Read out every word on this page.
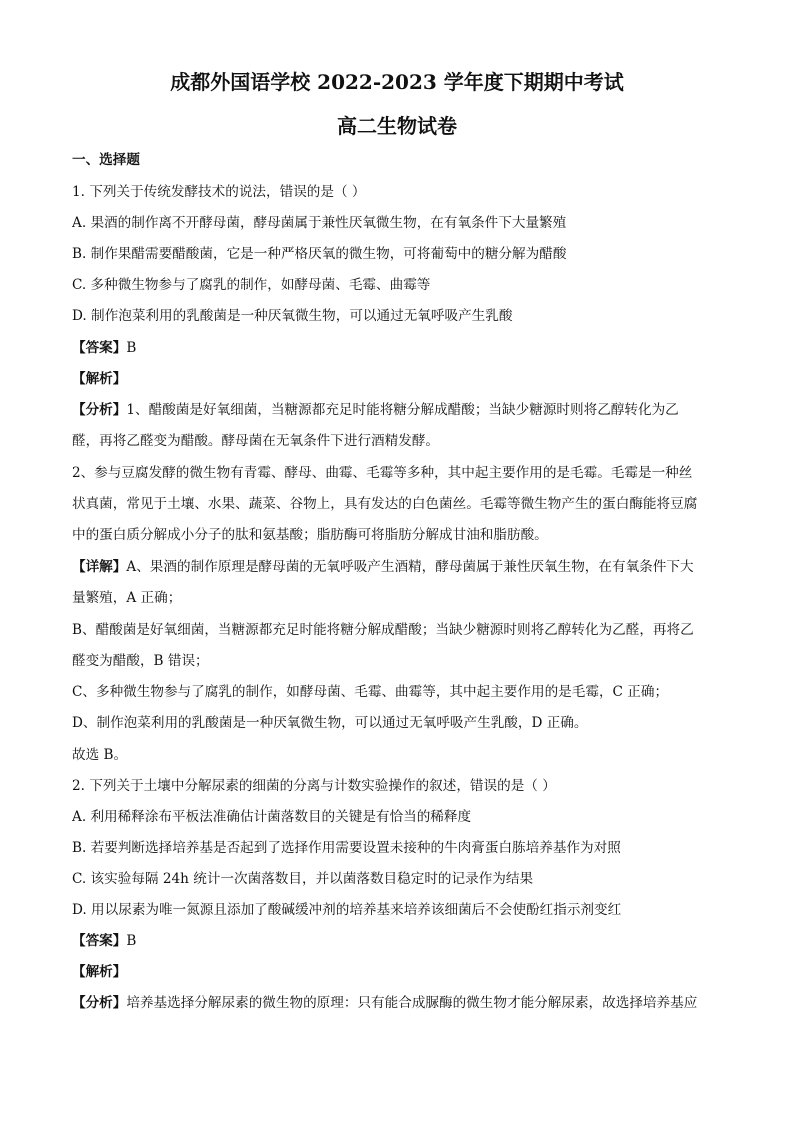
成都外国语学校 2022-2023 学年度下期期中考试
高二生物试卷
一、选择题
1. 下列关于传统发酵技术的说法，错误的是（ ）
A. 果酒的制作离不开酵母菌，酵母菌属于兼性厌氧微生物，在有氧条件下大量繁殖
B. 制作果醋需要醋酸菌，它是一种严格厌氧的微生物，可将葡萄中的糖分解为醋酸
C. 多种微生物参与了腐乳的制作，如酵母菌、毛霉、曲霉等
D. 制作泡菜利用的乳酸菌是一种厌氧微生物，可以通过无氧呼吸产生乳酸
【答案】B
【解析】
【分析】1、醋酸菌是好氧细菌，当糖源都充足时能将糖分解成醋酸；当缺少糖源时则将乙醇转化为乙
醛，再将乙醛变为醋酸。酵母菌在无氧条件下进行酒精发酵。
2、参与豆腐发酵的微生物有青霉、酵母、曲霉、毛霉等多种，其中起主要作用的是毛霉。毛霉是一种丝
状真菌，常见于土壤、水果、蔬菜、谷物上，具有发达的白色菌丝。毛霉等微生物产生的蛋白酶能将豆腐
中的蛋白质分解成小分子的肽和氨基酸；脂肪酶可将脂肪分解成甘油和脂肪酸。
【详解】A、果酒的制作原理是酵母菌的无氧呼吸产生酒精，酵母菌属于兼性厌氧生物，在有氧条件下大
量繁殖，A 正确；
B、醋酸菌是好氧细菌，当糖源都充足时能将糖分解成醋酸；当缺少糖源时则将乙醇转化为乙醛，再将乙
醛变为醋酸，B 错误；
C、多种微生物参与了腐乳的制作，如酵母菌、毛霉、曲霉等，其中起主要作用的是毛霉，C 正确；
D、制作泡菜利用的乳酸菌是一种厌氧微生物，可以通过无氧呼吸产生乳酸，D 正确。
故选 B。
2. 下列关于土壤中分解尿素的细菌的分离与计数实验操作的叙述，错误的是（ ）
A. 利用稀释涂布平板法准确估计菌落数目的关键是有恰当的稀释度
B. 若要判断选择培养基是否起到了选择作用需要设置未接种的牛肉膏蛋白胨培养基作为对照
C. 该实验每隔 24h 统计一次菌落数目，并以菌落数目稳定时的记录作为结果
D. 用以尿素为唯一氮源且添加了酸碱缓冲剂的培养基来培养该细菌后不会使酚红指示剂变红
【答案】B
【解析】
【分析】培养基选择分解尿素的微生物的原理：只有能合成脲酶的微生物才能分解尿素，故选择培养基应
